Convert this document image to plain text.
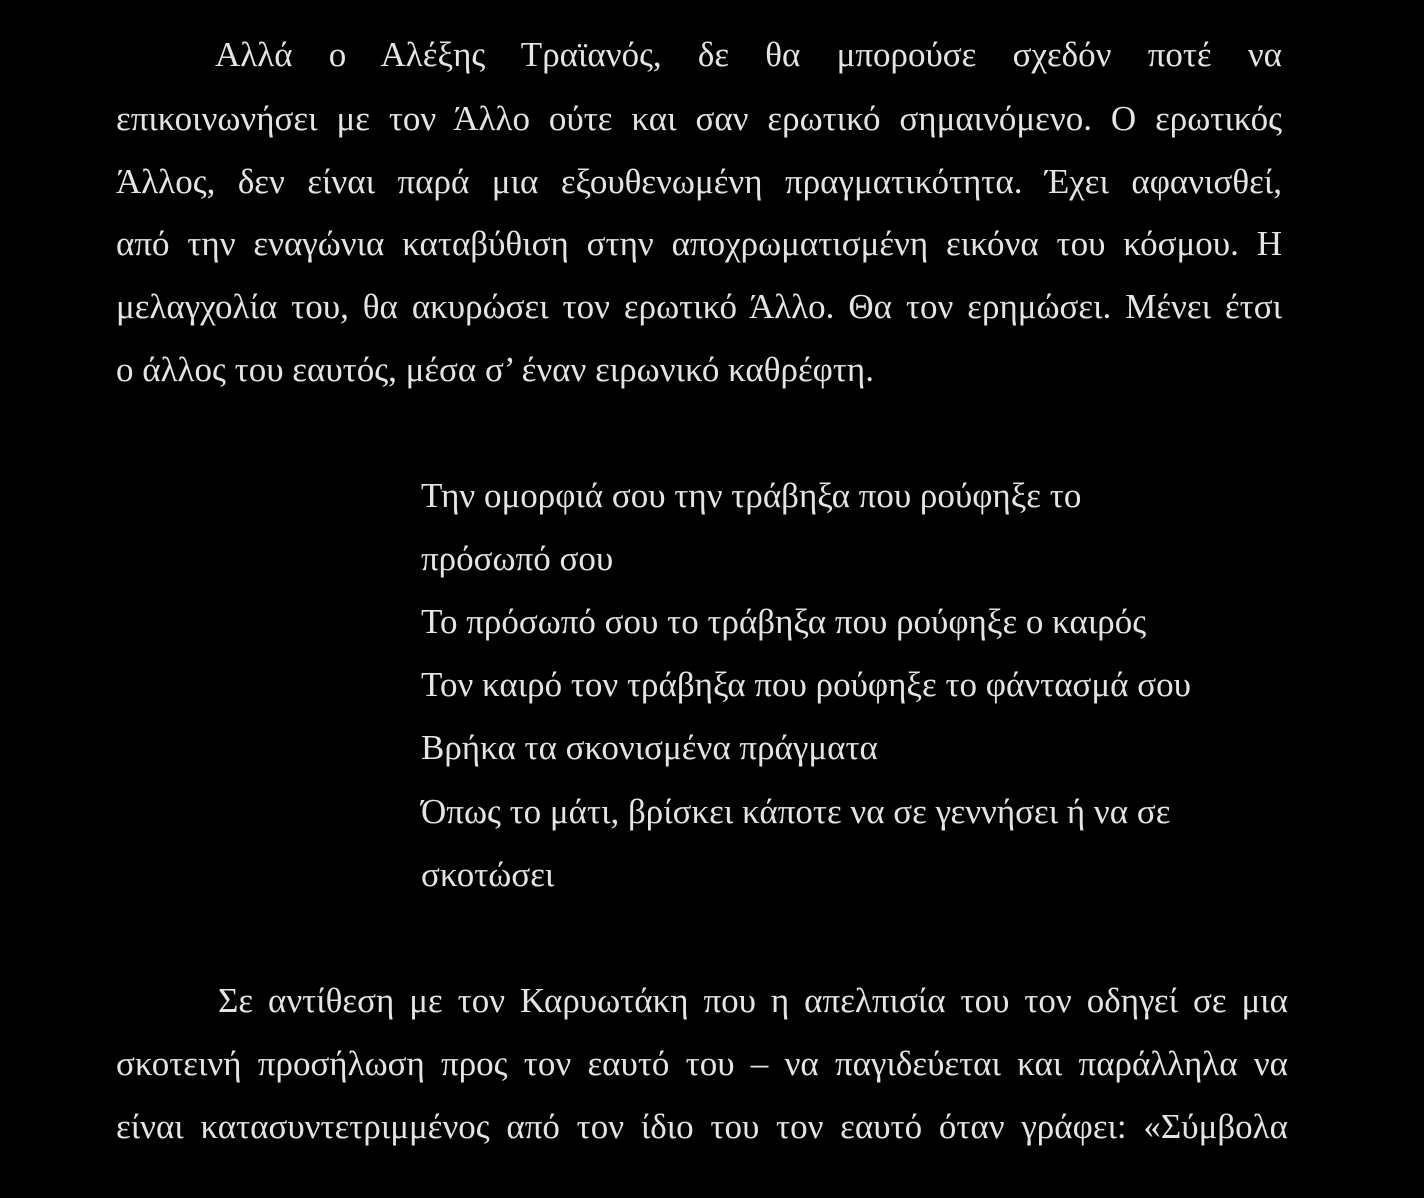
Αλλά ο Αλέξης Τραϊανός, δε θα μπορούσε σχεδόν ποτέ να
επικοινωνήσει με τον Άλλο ούτε και σαν ερωτικό σημαινόμενο. Ο ερωτικός
Άλλος, δεν είναι παρά μια εξουθενωμένη πραγματικότητα. Έχει αφανισθεί,
από την εναγώνια καταβύθιση στην αποχρωματισμένη εικόνα του κόσμου. Η
μελαγχολία του, θα ακυρώσει τον ερωτικό Άλλο. Θα τον ερημώσει. Μένει έτσι
ο άλλος του εαυτός, μέσα σ’ έναν ειρωνικό καθρέφτη.
Την ομορφιά σου την τράβηξα που ρούφηξε το
πρόσωπό σου
Το πρόσωπό σου το τράβηξα που ρούφηξε ο καιρός
Τον καιρό τον τράβηξα που ρούφηξε το φάντασμά σου
Βρήκα τα σκονισμένα πράγματα
Όπως το μάτι, βρίσκει κάποτε να σε γεννήσει ή να σε
σκοτώσει
Σε αντίθεση με τον Καρυωτάκη που η απελπισία του τον οδηγεί σε μια
σκοτεινή προσήλωση προς τον εαυτό του – να παγιδεύεται και παράλληλα να
είναι κατασυντετριμμένος από τον ίδιο του τον εαυτό όταν γράφει: «Σύμβολα
